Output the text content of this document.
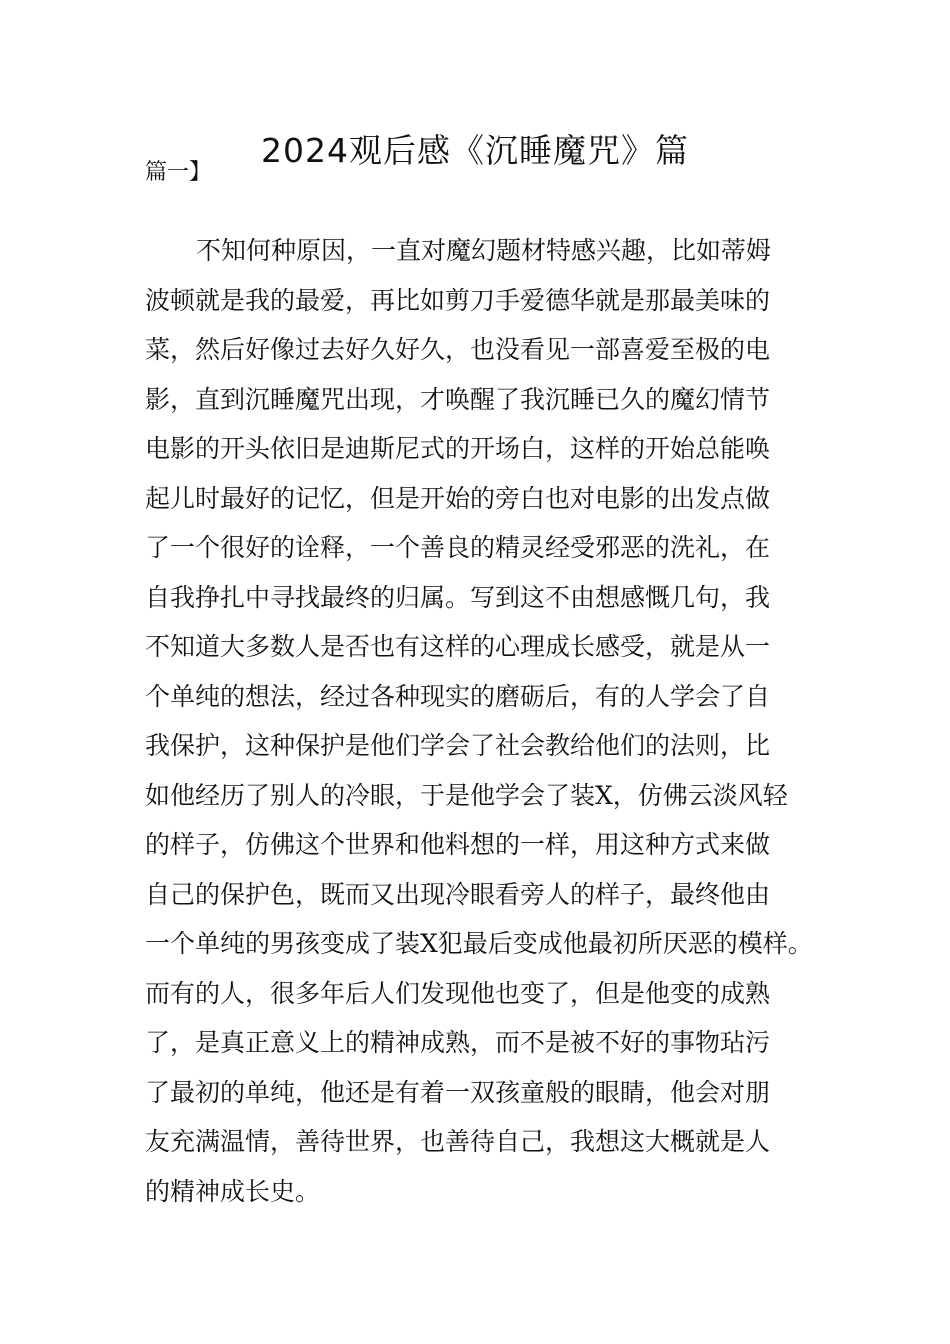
2024观后感《沉睡魔咒》篇

篇一】

不知何种原因，一直对魔幻题材特感兴趣，比如蒂姆
波顿就是我的最爱，再比如剪刀手爱德华就是那最美味的
菜，然后好像过去好久好久，也没看见一部喜爱至极的电
影，直到沉睡魔咒出现，才唤醒了我沉睡已久的魔幻情节
电影的开头依旧是迪斯尼式的开场白，这样的开始总能唤
起儿时最好的记忆，但是开始的旁白也对电影的出发点做
了一个很好的诠释，一个善良的精灵经受邪恶的洗礼，在
自我挣扎中寻找最终的归属。写到这不由想感慨几句，我
不知道大多数人是否也有这样的心理成长感受，就是从一
个单纯的想法，经过各种现实的磨砺后，有的人学会了自
我保护，这种保护是他们学会了社会教给他们的法则，比
如他经历了别人的冷眼，于是他学会了装X，仿佛云淡风轻
的样子，仿佛这个世界和他料想的一样，用这种方式来做
自己的保护色，既而又出现冷眼看旁人的样子，最终他由
一个单纯的男孩变成了装X犯最后变成他最初所厌恶的模样。
而有的人，很多年后人们发现他也变了，但是他变的成熟
了，是真正意义上的精神成熟，而不是被不好的事物玷污
了最初的单纯，他还是有着一双孩童般的眼睛，他会对朋
友充满温情，善待世界，也善待自己，我想这大概就是人
的精神成长史。
